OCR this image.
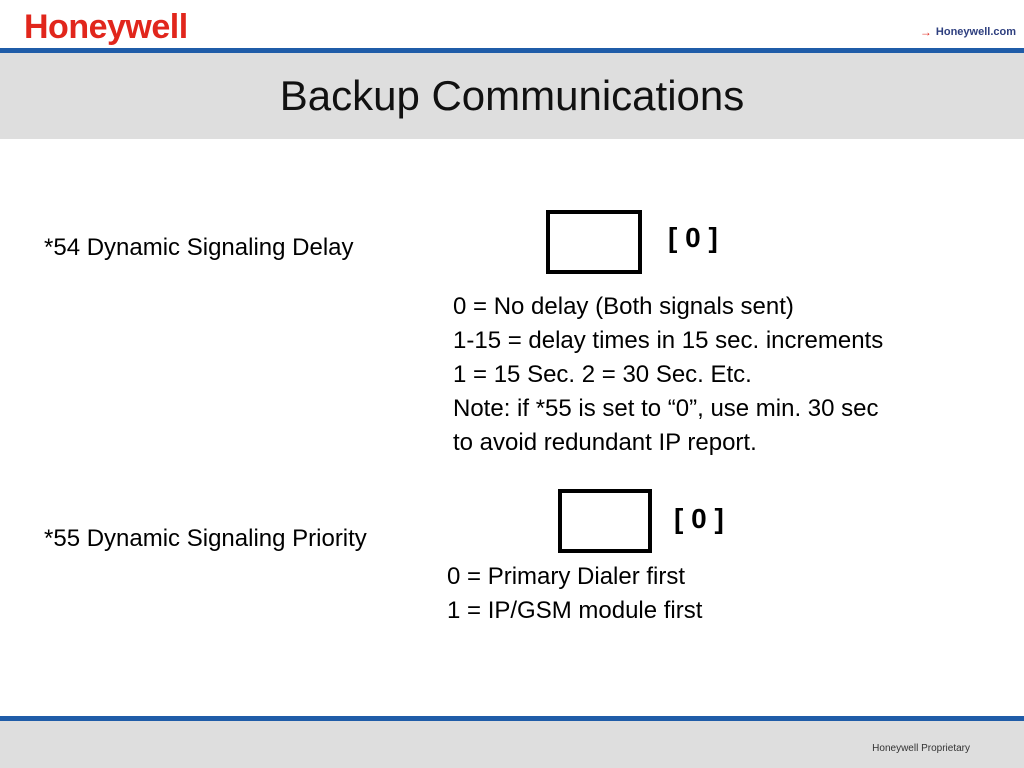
Honeywell	→ Honeywell.com
Backup Communications
*54 Dynamic Signaling Delay	[ 0 ]
0 = No delay (Both signals sent)
1-15 = delay times in 15 sec. increments
1 = 15 Sec. 2 = 30 Sec. Etc.
Note: if *55 is set to “0”, use min. 30 sec
to avoid redundant IP report.
*55 Dynamic Signaling Priority
[ 0 ]
0 = Primary Dialer first
1 = IP/GSM module first
Honeywell Proprietary
